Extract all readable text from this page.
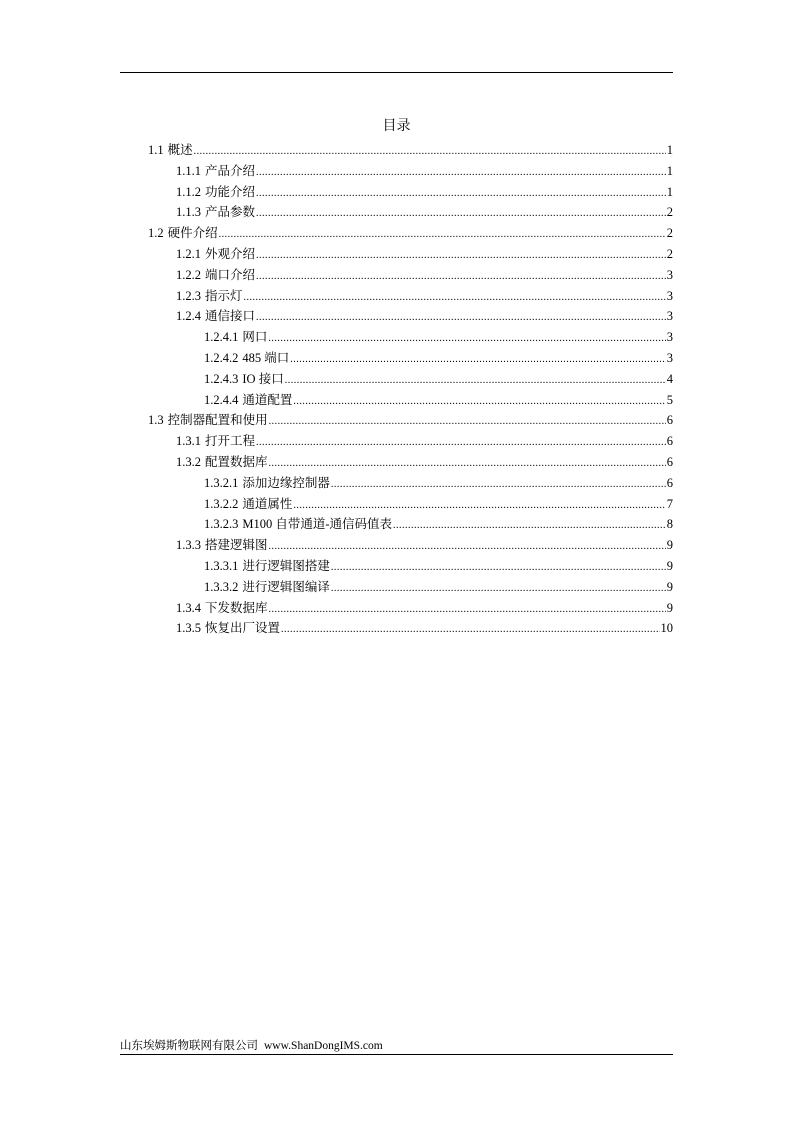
目录
1.1 概述 .....	1
1.1.1 产品介绍 .....	1
1.1.2 功能介绍 .....	1
1.1.3 产品参数 .....	2
1.2 硬件介绍 .....	2
1.2.1 外观介绍 .....	2
1.2.2 端口介绍 .....	3
1.2.3 指示灯 .....	3
1.2.4 通信接口 .....	3
1.2.4.1 网口 .....	3
1.2.4.2 485 端口 .....	3
1.2.4.3 IO 接口 .....	4
1.2.4.4 通道配置 .....	5
1.3 控制器配置和使用 .....	6
1.3.1 打开工程 .....	6
1.3.2 配置数据库 .....	6
1.3.2.1 添加边缘控制器 .....	6
1.3.2.2 通道属性 .....	7
1.3.2.3 M100 自带通道-通信码值表 .....	8
1.3.3 搭建逻辑图 .....	9
1.3.3.1 进行逻辑图搭建 .....	9
1.3.3.2 进行逻辑图编译 .....	9
1.3.4 下发数据库 .....	9
1.3.5 恢复出厂设置 .....	10
山东埃姆斯物联网有限公司 www.ShanDongIMS.com
